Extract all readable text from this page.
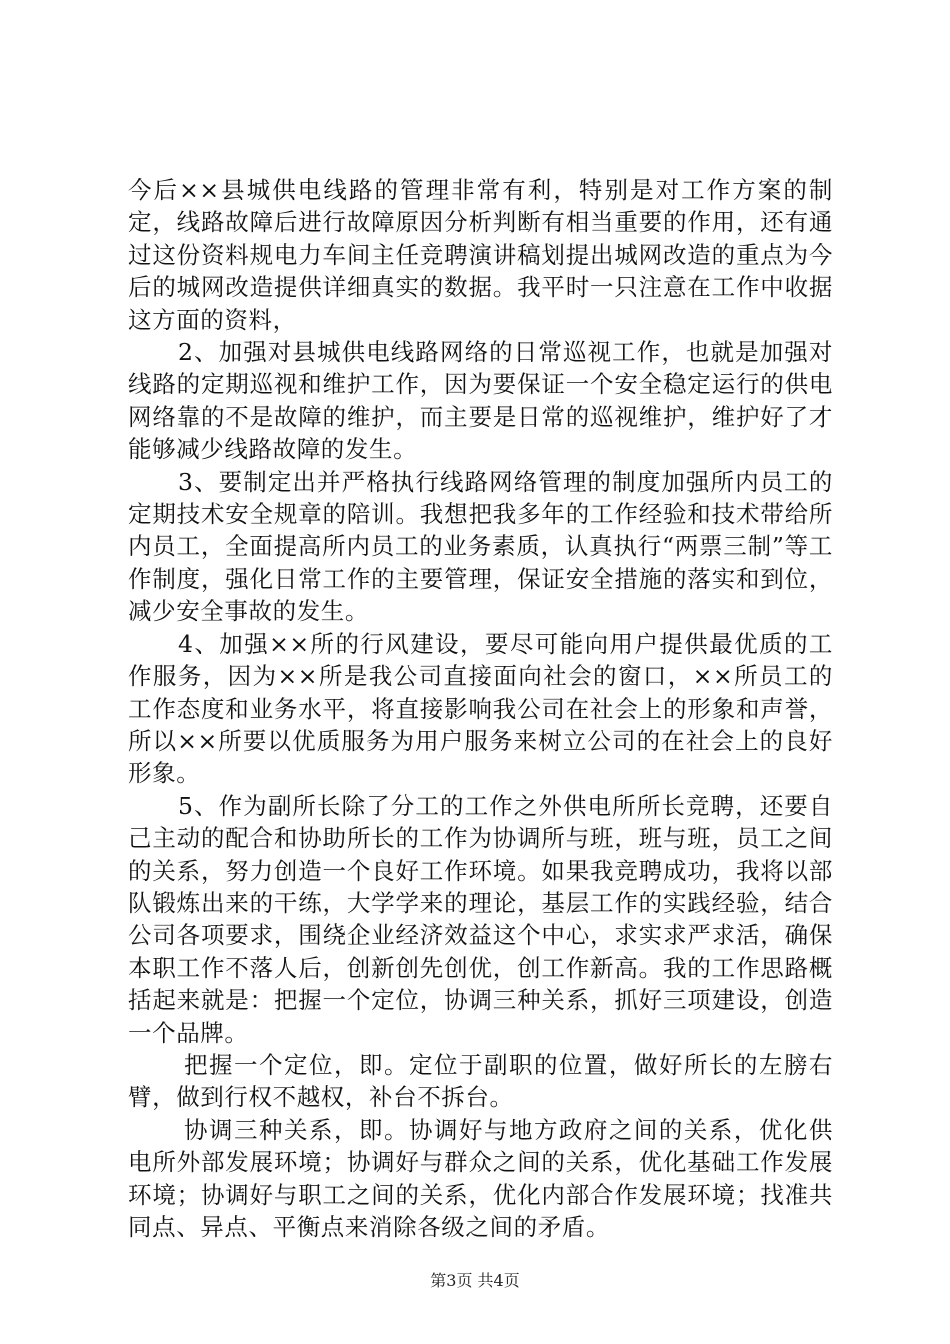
今后××县城供电线路的管理非常有利，特别是对工作方案的制定，线路故障后进行故障原因分析判断有相当重要的作用，还有通过这份资料规电力车间主任竞聘演讲稿划提出城网改造的重点为今后的城网改造提供详细真实的数据。我平时一只注意在工作中收据这方面的资料，

2、加强对县城供电线路网络的日常巡视工作，也就是加强对线路的定期巡视和维护工作，因为要保证一个安全稳定运行的供电网络靠的不是故障的维护，而主要是日常的巡视维护，维护好了才能够减少线路故障的发生。

3、要制定出并严格执行线路网络管理的制度加强所内员工的定期技术安全规章的陪训。我想把我多年的工作经验和技术带给所内员工，全面提高所内员工的业务素质，认真执行“两票三制”等工作制度，强化日常工作的主要管理，保证安全措施的落实和到位，减少安全事故的发生。

4、加强××所的行风建设，要尽可能向用户提供最优质的工作服务，因为××所是我公司直接面向社会的窗口，××所员工的工作态度和业务水平，将直接影响我公司在社会上的形象和声誉，所以××所要以优质服务为用户服务来树立公司的在社会上的良好形象。

5、作为副所长除了分工的工作之外供电所所长竞聘，还要自己主动的配合和协助所长的工作为协调所与班，班与班，员工之间的关系，努力创造一个良好工作环境。如果我竞聘成功，我将以部队锻炼出来的干练，大学学来的理论，基层工作的实践经验，结合公司各项要求，围绕企业经济效益这个中心，求实求严求活，确保本职工作不落人后，创新创先创优，创工作新高。我的工作思路概括起来就是：把握一个定位，协调三种关系，抓好三项建设，创造一个品牌。

把握一个定位，即。定位于副职的位置，做好所长的左膀右臂，做到行权不越权，补台不拆台。

协调三种关系，即。协调好与地方政府之间的关系，优化供电所外部发展环境；协调好与群众之间的关系，优化基础工作发展环境；协调好与职工之间的关系，优化内部合作发展环境；找准共同点、异点、平衡点来消除各级之间的矛盾。

第3页 共4页
